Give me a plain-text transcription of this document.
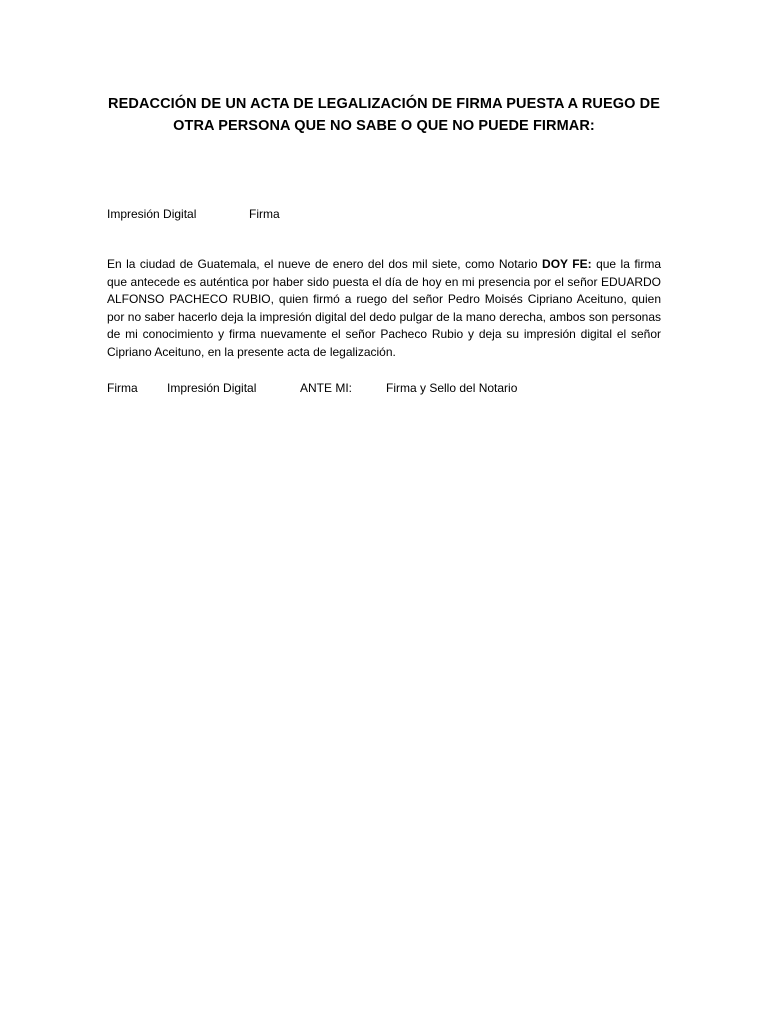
REDACCIÓN DE UN ACTA DE LEGALIZACIÓN DE FIRMA PUESTA A RUEGO DE
OTRA PERSONA QUE NO SABE O QUE NO PUEDE FIRMAR:
Impresión Digital	Firma

En la ciudad de Guatemala, el nueve de enero del dos mil siete, como Notario DOY FE: que la firma que antecede es auténtica por haber sido puesta el día de hoy en mi presencia por el señor EDUARDO ALFONSO PACHECO RUBIO, quien firmó a ruego del señor Pedro Moisés Cipriano Aceituno, quien por no saber hacerlo deja la impresión digital del dedo pulgar de la mano derecha, ambos son personas de mi conocimiento y firma nuevamente el señor Pacheco Rubio y deja su impresión digital el señor Cipriano Aceituno, en la presente acta de legalización.

Firma Impresión Digital	ANTE MI:	Firma y Sello del Notario
